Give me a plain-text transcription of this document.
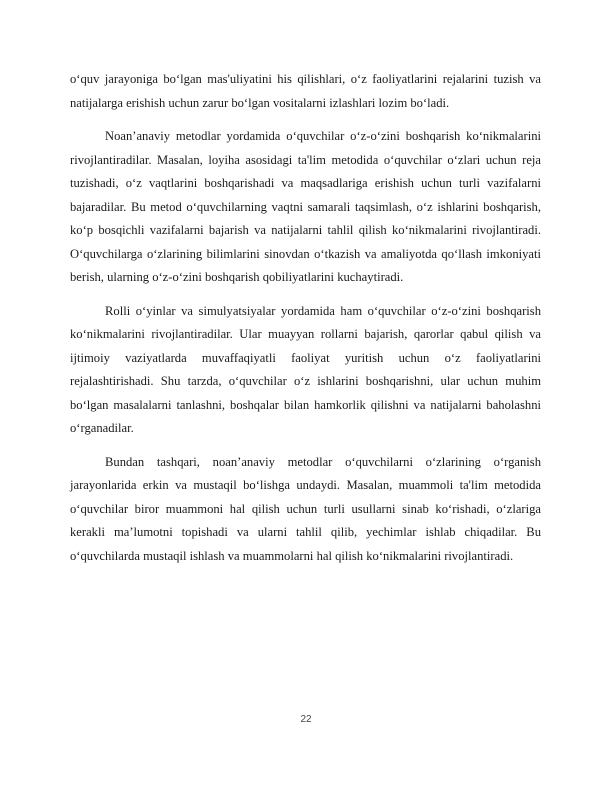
o‘quv jarayoniga bo‘lgan mas'uliyatini his qilishlari, o‘z faoliyatlarini rejalarini tuzish va natijalarga erishish uchun zarur bo‘lgan vositalarni izlashlari lozim bo‘ladi.

Noan’anaviy metodlar yordamida o‘quvchilar o‘z-o‘zini boshqarish ko‘nikmalarini rivojlantiradilar. Masalan, loyiha asosidagi ta'lim metodida o‘quvchilar o‘zlari uchun reja tuzishadi, o‘z vaqtlarini boshqarishadi va maqsadlariga erishish uchun turli vazifalarni bajaradilar. Bu metod o‘quvchilarning vaqtni samarali taqsimlash, o‘z ishlarini boshqarish, ko‘p bosqichli vazifalarni bajarish va natijalarni tahlil qilish ko‘nikmalarini rivojlantiradi. O‘quvchilarga o‘zlarining bilimlarini sinovdan o‘tkazish va amaliyotda qo‘llash imkoniyati berish, ularning o‘z-o‘zini boshqarish qobiliyatlarini kuchaytiradi.

Rolli o‘yinlar va simulyatsiyalar yordamida ham o‘quvchilar o‘z-o‘zini boshqarish ko‘nikmalarini rivojlantiradilar. Ular muayyan rollarni bajarish, qarorlar qabul qilish va ijtimoiy vaziyatlarda muvaffaqiyatli faoliyat yuritish uchun o‘z faoliyatlarini rejalashtirishadi. Shu tarzda, o‘quvchilar o‘z ishlarini boshqarishni, ular uchun muhim bo‘lgan masalalarni tanlashni, boshqalar bilan hamkorlik qilishni va natijalarni baholashni o‘rganadilar.

Bundan tashqari, noan’anaviy metodlar o‘quvchilarni o‘zlarining o‘rganish jarayonlarida erkin va mustaqil bo‘lishga undaydi. Masalan, muammoli ta'lim metodida o‘quvchilar biror muammoni hal qilish uchun turli usullarni sinab ko‘rishadi, o‘zlariga kerakli ma’lumotni topishadi va ularni tahlil qilib, yechimlar ishlab chiqadilar. Bu o‘quvchilarda mustaqil ishlash va muammolarni hal qilish ko‘nikmalarini rivojlantiradi.

22
